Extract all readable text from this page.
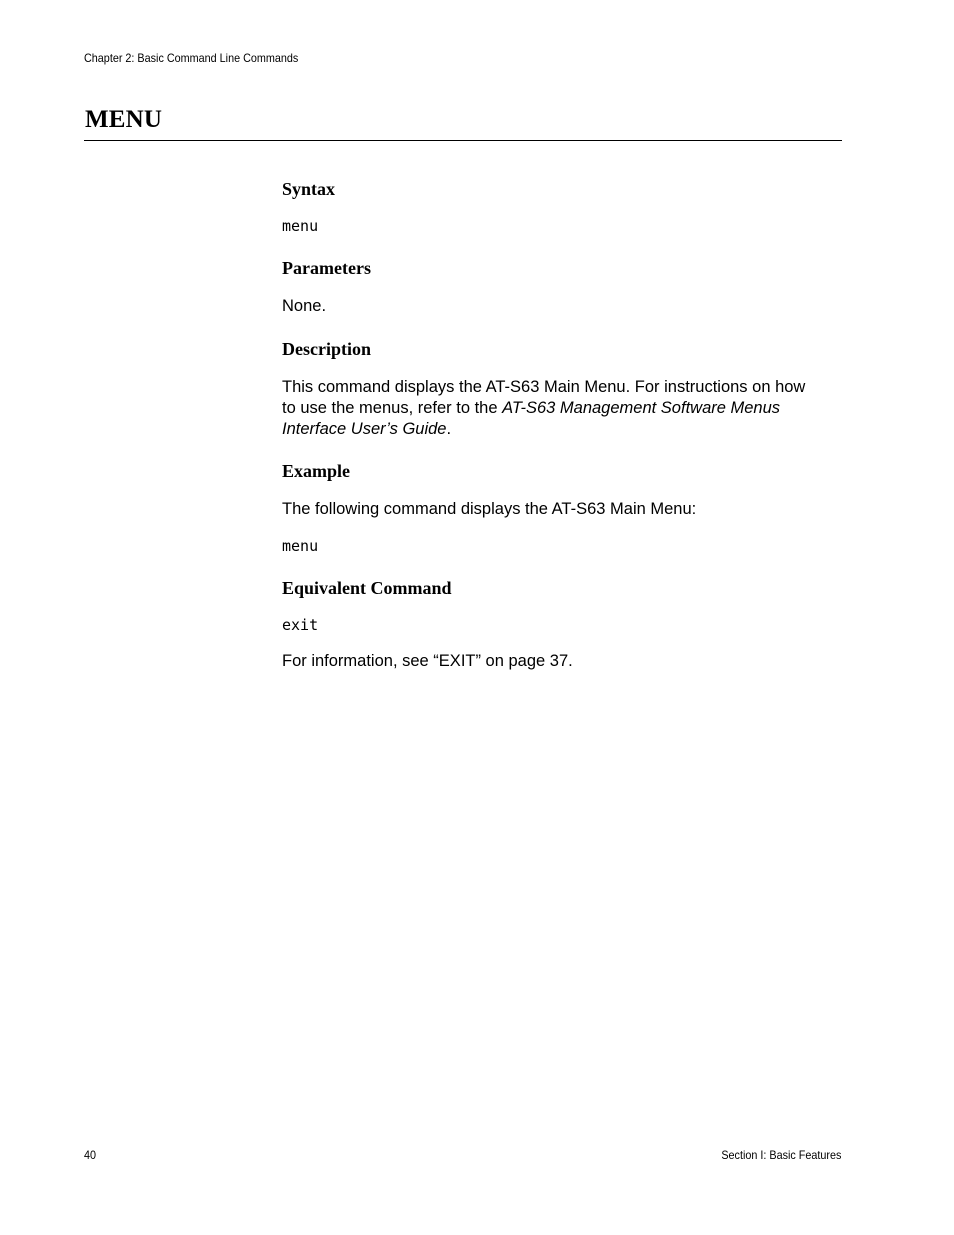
Chapter 2: Basic Command Line Commands
MENU
Syntax
menu
Parameters
None.
Description
This command displays the AT-S63 Main Menu. For instructions on how
to use the menus, refer to the AT-S63 Management Software Menus
Interface User’s Guide.
Example
The following command displays the AT-S63 Main Menu:
menu
Equivalent Command
exit
For information, see “EXIT” on page 37.
40	Section I: Basic Features
